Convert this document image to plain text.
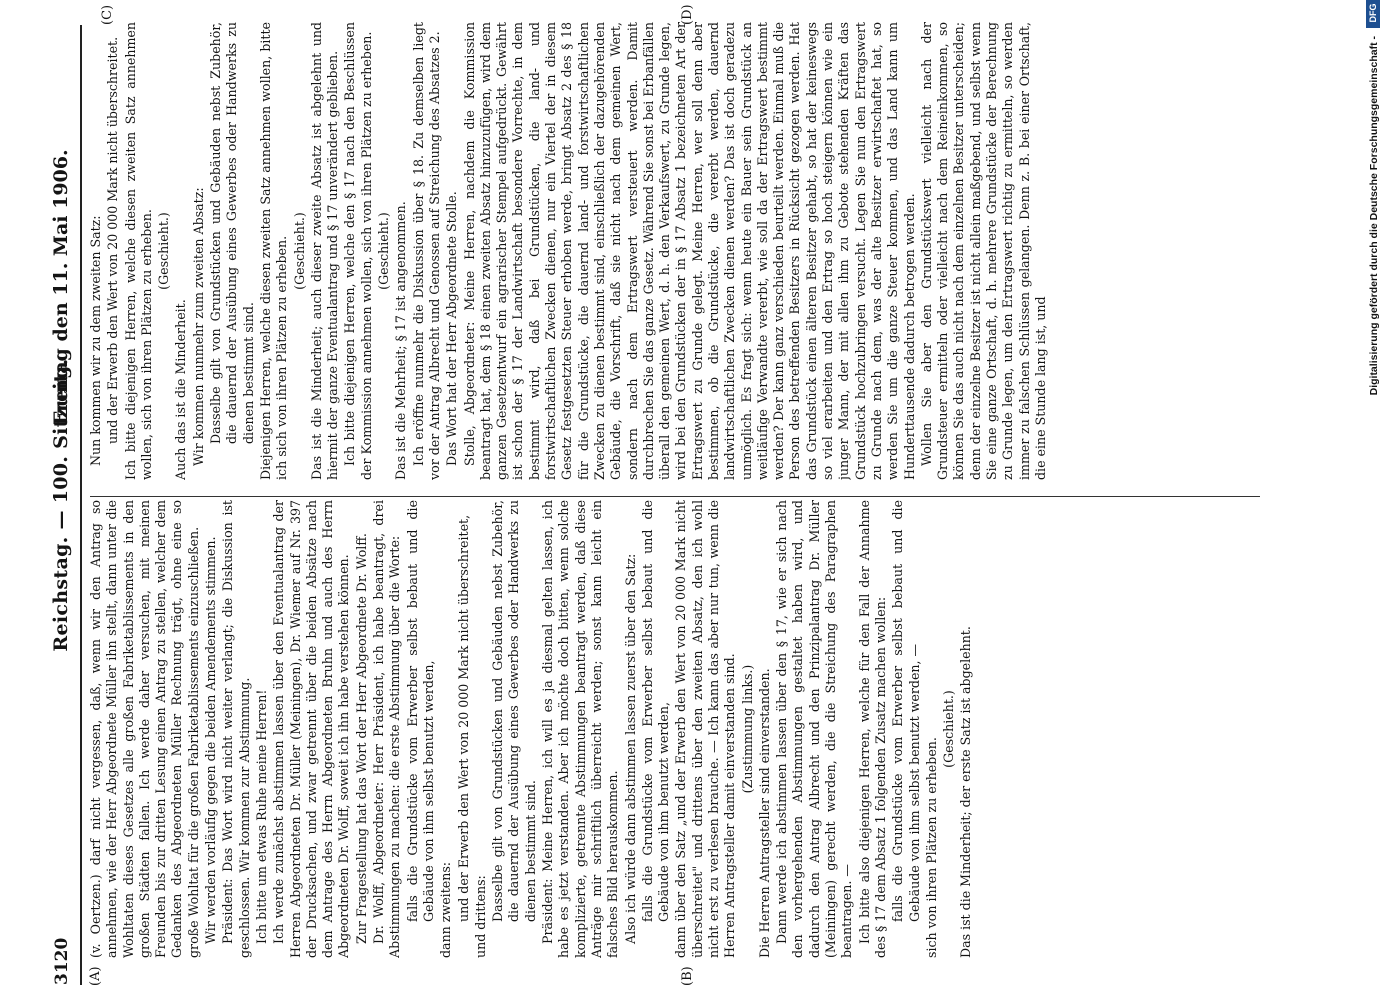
3120
Reichstag. — 100. Sitzung.
Freitag den 11. Mai 1906.
(A)	(B)
(C)	(D)

(v. Oertzen.) darf nicht vergessen, daß, wenn wir den Antrag so annehmen, wie der Herr Abgeordnete Müller ihn stellt, dann unter die Wohltaten dieses Gesetzes alle großen Fabriketablissements in den großen Städten fallen. Ich werde daher versuchen, mit meinen Freunden bis zur dritten Lesung einen Antrag zu stellen, welcher dem Gedanken des Abgeordneten Müller Rechnung trägt, ohne eine so große Wohltat für die großen Fabriketablissements einzuschließen. Wir werden vorläufig gegen die beiden Amendements stimmen. Präsident: Das Wort wird nicht weiter verlangt; die Diskussion ist geschlossen. Wir kommen zur Abstimmung. Ich bitte um etwas Ruhe meine Herren! Ich werde zunächst abstimmen lassen über den Eventualantrag der Herren Abgeordneten Dr. Müller (Meiningen), Dr. Wiemer auf Nr. 397 der Drucksachen, und zwar getrennt über die beiden Absätze nach dem Antrage des Herrn Abgeordneten Bruhn und auch des Herrn Abgeordneten Dr. Wolff, soweit ich ihn habe verstehen können. Zur Fragestellung hat das Wort der Herr Abgeordnete Dr. Wolff. Dr. Wolff, Abgeordneter: Herr Präsident, ich habe beantragt, drei Abstimmungen zu machen: die erste Abstimmung über die Worte: falls die Grundstücke vom Erwerber selbst bebaut und die Gebäude von ihm selbst benutzt werden, dann zweitens: und der Erwerb den Wert von 20 000 Mark nicht überschreitet, und drittens: Dasselbe gilt von Grundstücken und Gebäuden nebst Zubehör, die dauernd der Ausübung eines Gewerbes oder Handwerks zu dienen bestimmt sind. Präsident: Meine Herren, ich will es ja diesmal gelten lassen, ich habe es jetzt verstanden. Aber ich möchte doch bitten, wenn solche komplizierte, getrennte Abstimmungen beantragt werden, daß diese Anträge mir schriftlich überreicht werden; sonst kann leicht ein falsches Bild herauskommen. Also ich würde dann abstimmen lassen zuerst über den Satz: falls die Grundstücke vom Erwerber selbst bebaut und die Gebäude von ihm benutzt werden, dann über den Satz „und der Erwerb den Wert von 20 000 Mark nicht überschreitet" und drittens über den zweiten Absatz, den ich wohl nicht erst zu verlesen brauche. — Ich kann das aber nur tun, wenn die Herren Antragsteller damit einverstanden sind. (Zustimmung links.) Die Herren Antragsteller sind einverstanden. Dann werde ich abstimmen lassen über den § 17, wie er sich nach den vorhergehenden Abstimmungen gestaltet haben wird, und dadurch den Antrag Albrecht und den Prinzipalantrag Dr. Müller (Meiningen) gerecht werden, die die Streichung des Paragraphen beantragen. — Ich bitte also diejenigen Herren, welche für den Fall der Annahme des § 17 dem Absatz 1 folgenden Zusatz machen wollen: falls die Grundstücke vom Erwerber selbst bebaut und die Gebäude von ihm selbst benutzt werden, — sich von ihren Plätzen zu erheben.

(Geschieht.) Das ist die Minderheit; der erste Satz ist abgelehnt.

Nun kommen wir zu dem zweiten Satz: und der Erwerb den Wert von 20 000 Mark nicht überschreitet. Ich bitte diejenigen Herren, welche diesen zweiten Satz annehmen wollen, sich von ihren Plätzen zu erheben. (Geschieht.)

Auch das ist die Minderheit. Wir kommen nunmehr zum zweiten Absatz: Dasselbe gilt von Grundstücken und Gebäuden nebst Zubehör, die dauernd der Ausübung eines Gewerbes oder Handwerks zu dienen bestimmt sind. Diejenigen Herren, welche diesen zweiten Satz annehmen wollen, bitte ich sich von ihren Plätzen zu erheben. (Geschieht.) Das ist die Minderheit; auch dieser zweite Absatz ist abgelehnt und hiermit der ganze Eventualantrag und § 17 unverändert geblieben. Ich bitte diejenigen Herren, welche den § 17 nach den Beschlüssen der Kommission annehmen wollen, sich von ihren Plätzen zu erheben. (Geschieht.) Das ist die Mehrheit; § 17 ist angenommen. Ich eröffne nunmehr die Diskussion über § 18. Zu demselben liegt vor der Antrag Albrecht und Genossen auf Streichung des Absatzes 2. Das Wort hat der Herr Abgeordnete Stolle. Stolle, Abgeordneter: Meine Herren, nachdem die Kommission beantragt hat, dem § 18 einen zweiten Absatz hinzuzufügen, wird dem ganzen Gesetzentwurf ein agrarischer Stempel aufgedrückt. Gewährt ist schon der § 17 der Landwirtschaft besondere Vorrechte, in dem bestimmt wird, daß bei Grundstücken, die land- und forstwirtschaftlichen Zwecken dienen, nur ein Viertel der in diesem Gesetz festgesetzten Steuer erhoben werde, bringt Absatz 2 des § 18 für die Grundstücke, die dauernd land- und forstwirtschaftlichen Zwecken zu dienen bestimmt sind, einschließlich der dazugehörenden Gebäude, die Vorschrift, daß sie nicht nach dem gemeinen Wert, sondern nach dem Ertragswert versteuert werden. Damit durchbrechen Sie das ganze Gesetz. Während Sie sonst bei Erbanfällen überall den gemeinen Wert, d. h. den Verkaufswert, zu Grunde legen, wird bei den Grundstücken der in § 17 Absatz 1 bezeichneten Art der Ertragswert zu Grunde gelegt. Meine Herren, wer soll denn aber bestimmen, ob die Grundstücke, die vererbt werden, dauernd landwirtschaftlichen Zwecken dienen werden? Das ist doch geradezu unmöglich. Es fragt sich: wenn heute ein Bauer sein Grundstück an weitläufige Verwandte vererbt, wie soll da der Ertragswert bestimmt werden? Der kann ganz verschieden beurteilt werden. Einmal muß die Person des betreffenden Besitzers in Rücksicht gezogen werden. Hat das Grundstück einen älteren Besitzer gehabt, so hat der keineswegs so viel erarbeiten und den Ertrag so hoch steigern können wie ein junger Mann, der mit allen ihm zu Gebote stehenden Kräften das Grundstück hochzubringen versucht. Legen Sie nun den Ertragswert zu Grunde nach dem, was der alte Besitzer erwirtschaftet hat, so werden Sie um die ganze Steuer kommen, und das Land kann um Hunderttausende dadurch betrogen werden. Wollen Sie aber den Grundstückswert vielleicht nach der Grundsteuer ermitteln oder vielleicht nach dem Reineinkommen, so können Sie das auch nicht nach dem einzelnen Besitzer unterscheiden; denn der einzelne Besitzer ist nicht allein maßgebend, und selbst wenn Sie eine ganze Ortschaft, d. h. mehrere Grundstücke der Berechnung zu Grunde legen, um den Ertragswert richtig zu ermitteln, so werden immer zu falschen Schlüssen gelangen. Denn z. B. bei einer Ortschaft, die eine Stunde lang ist, und	Digitalisierung gefördert durch die Deutsche Forschungsgemeinschaft -
DFG
